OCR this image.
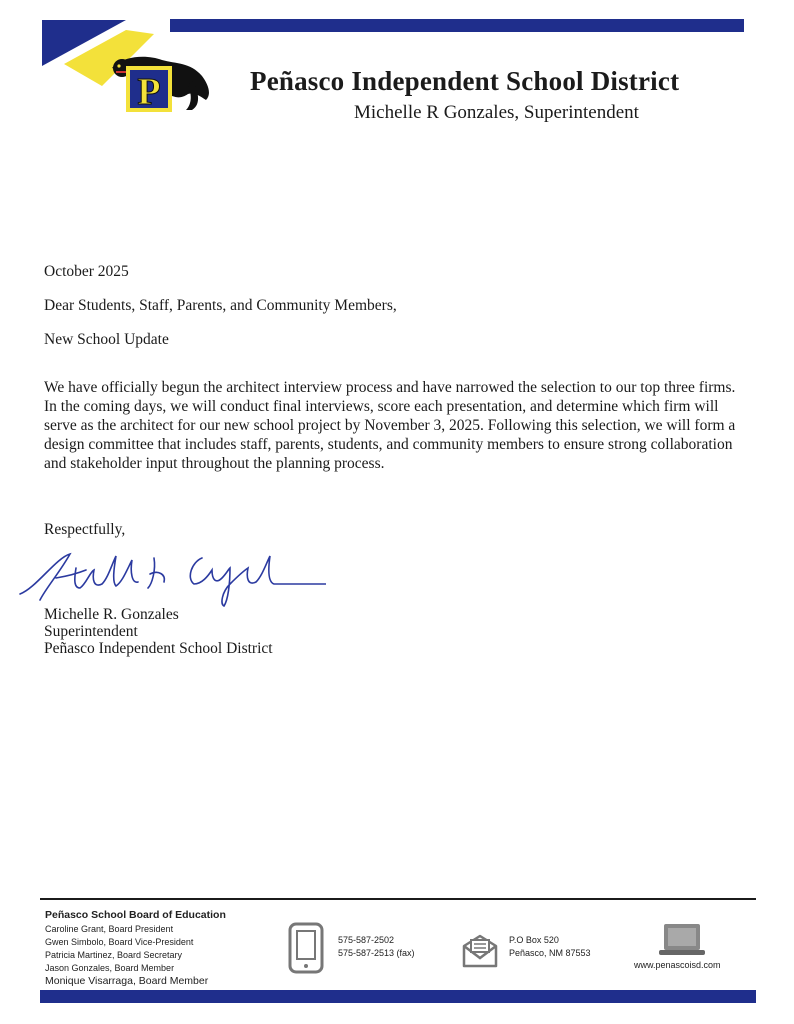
P	Peñasco Independent School District
Michelle R Gonzales, Superintendent
October 2025
Dear Students, Staff, Parents, and Community Members,
New School Update
We have officially begun the architect interview process and have narrowed the selection to our top three firms. In the coming days, we will conduct final interviews, score each presentation, and determine which firm will serve as the architect for our new school project by November 3, 2025. Following this selection, we will form a design committee that includes staff, parents, students, and community members to ensure strong collaboration and stakeholder input throughout the planning process.
Respectfully,
Michelle R. Gonzales
Superintendent
Peñasco Independent School District
Peñasco School Board of Education
Caroline Grant, Board President
Gwen Simbolo, Board Vice-President
Patricia Martinez, Board Secretary
Jason Gonzales, Board Member
Monique Visarraga, Board Member
575-587-2502
575-587-2513 (fax)
P.O Box 520
Peñasco, NM 87553
www.penascoisd.com
